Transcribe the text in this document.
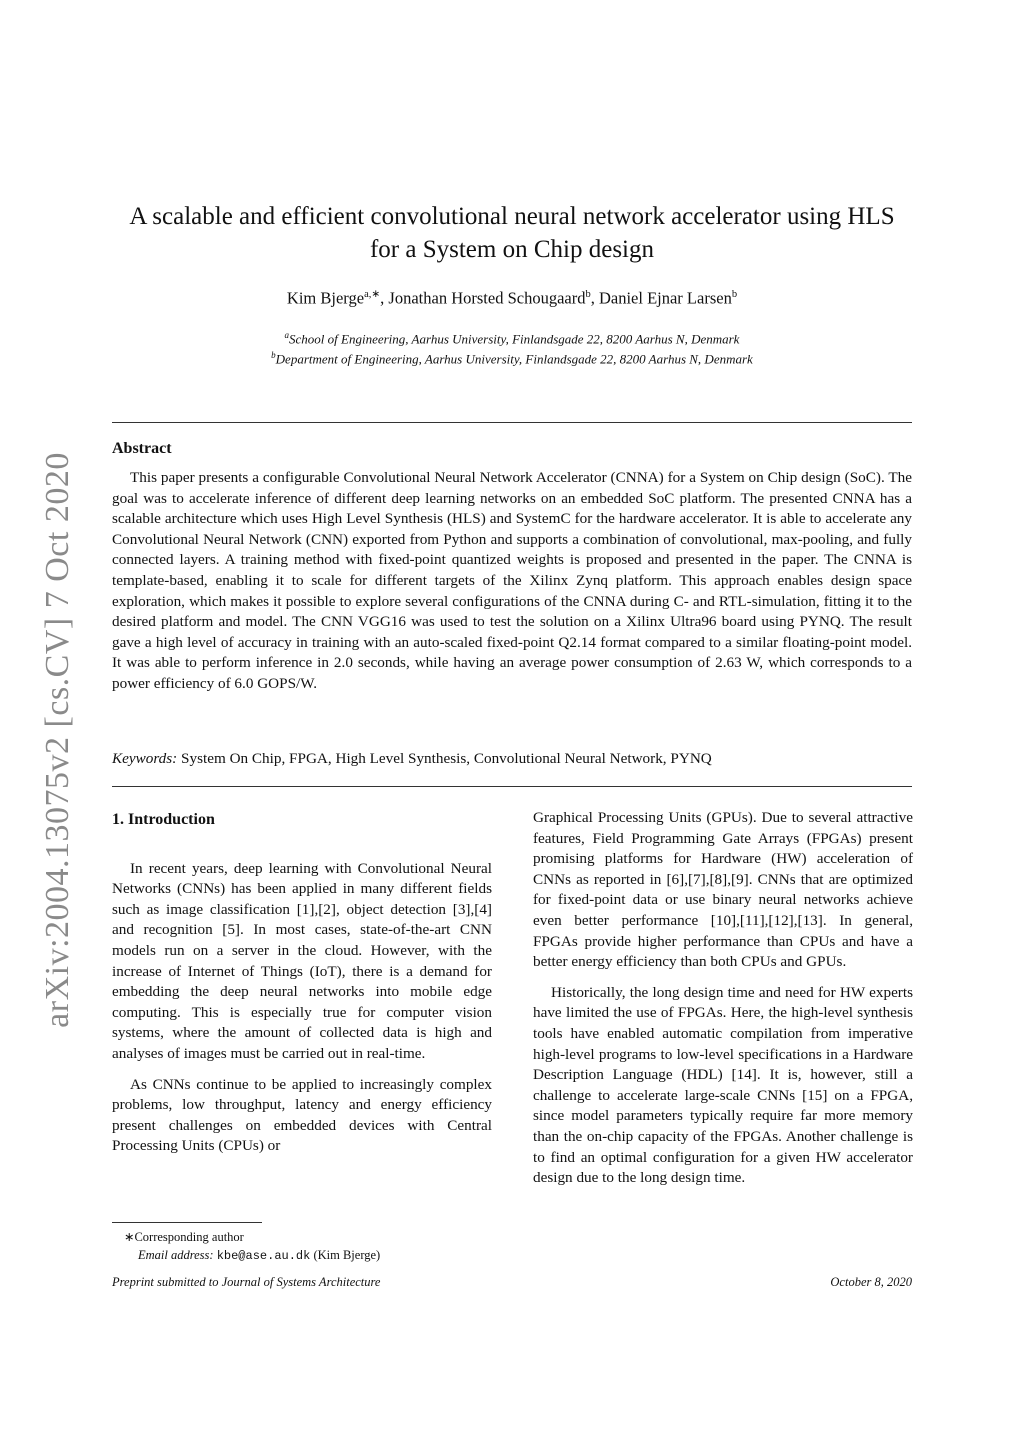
arXiv:2004.13075v2 [cs.CV] 7 Oct 2020
A scalable and efficient convolutional neural network accelerator using HLS
for a System on Chip design
Kim Bjerge$^{a,∗}$, Jonathan Horsted Schougaard$^b$, Daniel Ejnar Larsen$^b$
$^a$School of Engineering, Aarhus University, Finlandsgade 22, 8200 Aarhus N, Denmark
$^b$Department of Engineering, Aarhus University, Finlandsgade 22, 8200 Aarhus N, Denmark
Abstract

This paper presents a configurable Convolutional Neural Network Accelerator (CNNA) for a System on Chip design (SoC). The goal was to accelerate inference of different deep learning networks on an embedded SoC platform. The presented CNNA has a scalable architecture which uses High Level Synthesis (HLS) and SystemC for the hardware accelerator. It is able to accelerate any Convolutional Neural Network (CNN) exported from Python and supports a combination of convolutional, max-pooling, and fully connected layers. A training method with fixed-point quantized weights is proposed and presented in the paper. The CNNA is template-based, enabling it to scale for different targets of the Xilinx Zynq platform. This approach enables design space exploration, which makes it possible to explore several configurations of the CNNA during C- and RTL-simulation, fitting it to the desired platform and model. The CNN VGG16 was used to test the solution on a Xilinx Ultra96 board using PYNQ. The result gave a high level of accuracy in training with an auto-scaled fixed-point Q2.14 format compared to a similar floating-point model. It was able to perform inference in 2.0 seconds, while having an average power consumption of 2.63 W, which corresponds to a power efficiency of 6.0 GOPS/W.

Keywords: System On Chip, FPGA, High Level Synthesis, Convolutional Neural Network, PYNQ
1. Introduction

In recent years, deep learning with Convolutional Neural Networks (CNNs) has been applied in many different fields such as image classification [1],[2], object detection [3],[4] and recognition [5]. In most cases, state-of-the-art CNN models run on a server in the cloud. However, with the increase of Internet of Things (IoT), there is a demand for embedding the deep neural networks into mobile edge computing. This is especially true for computer vision systems, where the amount of collected data is high and analyses of images must be carried out in real-time.

As CNNs continue to be applied to increasingly complex problems, low throughput, latency and energy efficiency present challenges on embedded devices with Central Processing Units (CPUs) or

Graphical Processing Units (GPUs). Due to several attractive features, Field Programming Gate Arrays (FPGAs) present promising platforms for Hardware (HW) acceleration of CNNs as reported in [6],[7],[8],[9]. CNNs that are optimized for fixed-point data or use binary neural networks achieve even better performance [10],[11],[12],[13]. In general, FPGAs provide higher performance than CPUs and have a better energy efficiency than both CPUs and GPUs.

Historically, the long design time and need for HW experts have limited the use of FPGAs. Here, the high-level synthesis tools have enabled automatic compilation from imperative high-level programs to low-level specifications in a Hardware Description Language (HDL) [14]. It is, however, still a challenge to accelerate large-scale CNNs [15] on a FPGA, since model parameters typically require far more memory than the on-chip capacity of the FPGAs. Another challenge is to find an optimal configuration for a given HW accelerator design due to the long design time.

∗Corresponding author
Email address: kbe@ase.au.dk (Kim Bjerge)
Preprint submitted to Journal of Systems Architecture	October 8, 2020
